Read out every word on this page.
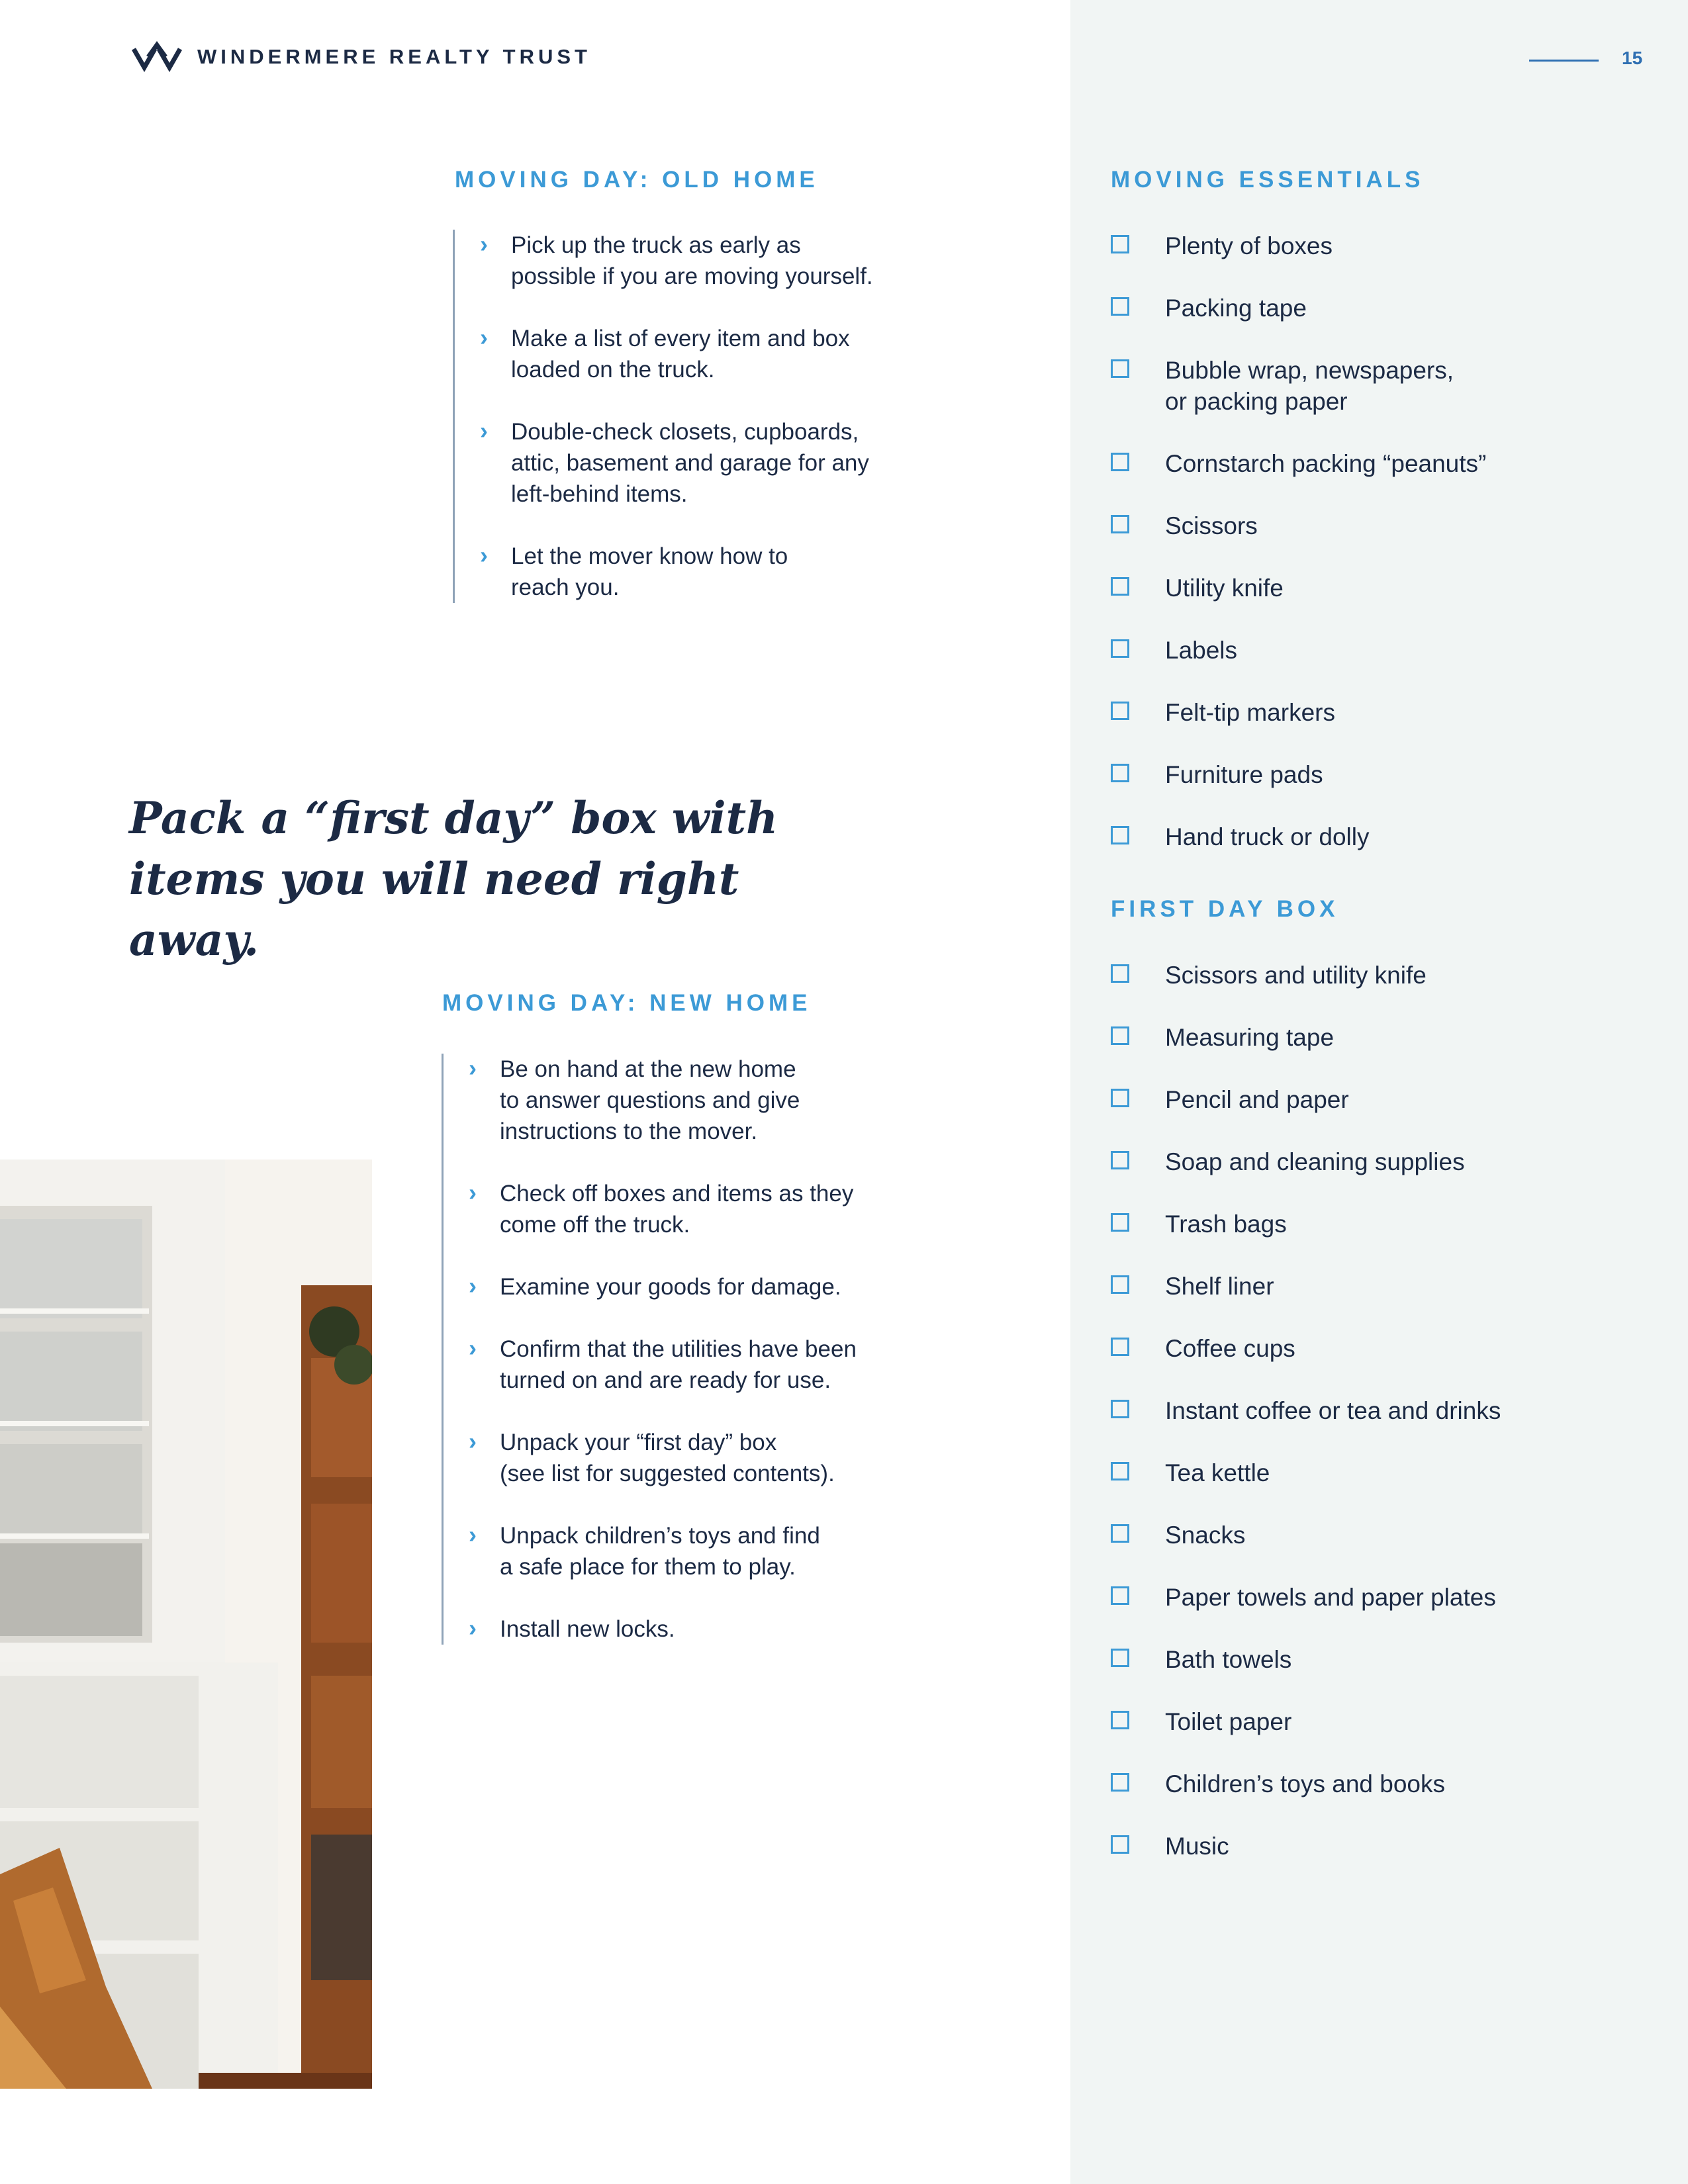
WINDERMERE REALTY TRUST	15
MOVING DAY: OLD HOME
› Pick up the truck as early as
possible if you are moving yourself.
› Make a list of every item and box
loaded on the truck.
› Double-check closets, cupboards,
attic, basement and garage for any
left-behind items.
› Let the mover know how to
reach you.
Pack a “first day” box with
items you will need right away.
MOVING DAY: NEW HOME
› Be on hand at the new home
to answer questions and give
instructions to the mover.
› Check off boxes and items as they
come off the truck.
› Examine your goods for damage.
› Confirm that the utilities have been
turned on and are ready for use.
› Unpack your “first day” box
(see list for suggested contents).
› Unpack children’s toys and find
a safe place for them to play.
› Install new locks.
MOVING ESSENTIALS
Plenty of boxes
Packing tape
Bubble wrap, newspapers,
or packing paper
Cornstarch packing “peanuts”
Scissors
Utility knife
Labels
Felt-tip markers
Furniture pads
Hand truck or dolly
FIRST DAY BOX
Scissors and utility knife
Measuring tape
Pencil and paper
Soap and cleaning supplies
Trash bags
Shelf liner
Coffee cups
Instant coffee or tea and drinks
Tea kettle
Snacks
Paper towels and paper plates
Bath towels
Toilet paper
Children’s toys and books
Music
